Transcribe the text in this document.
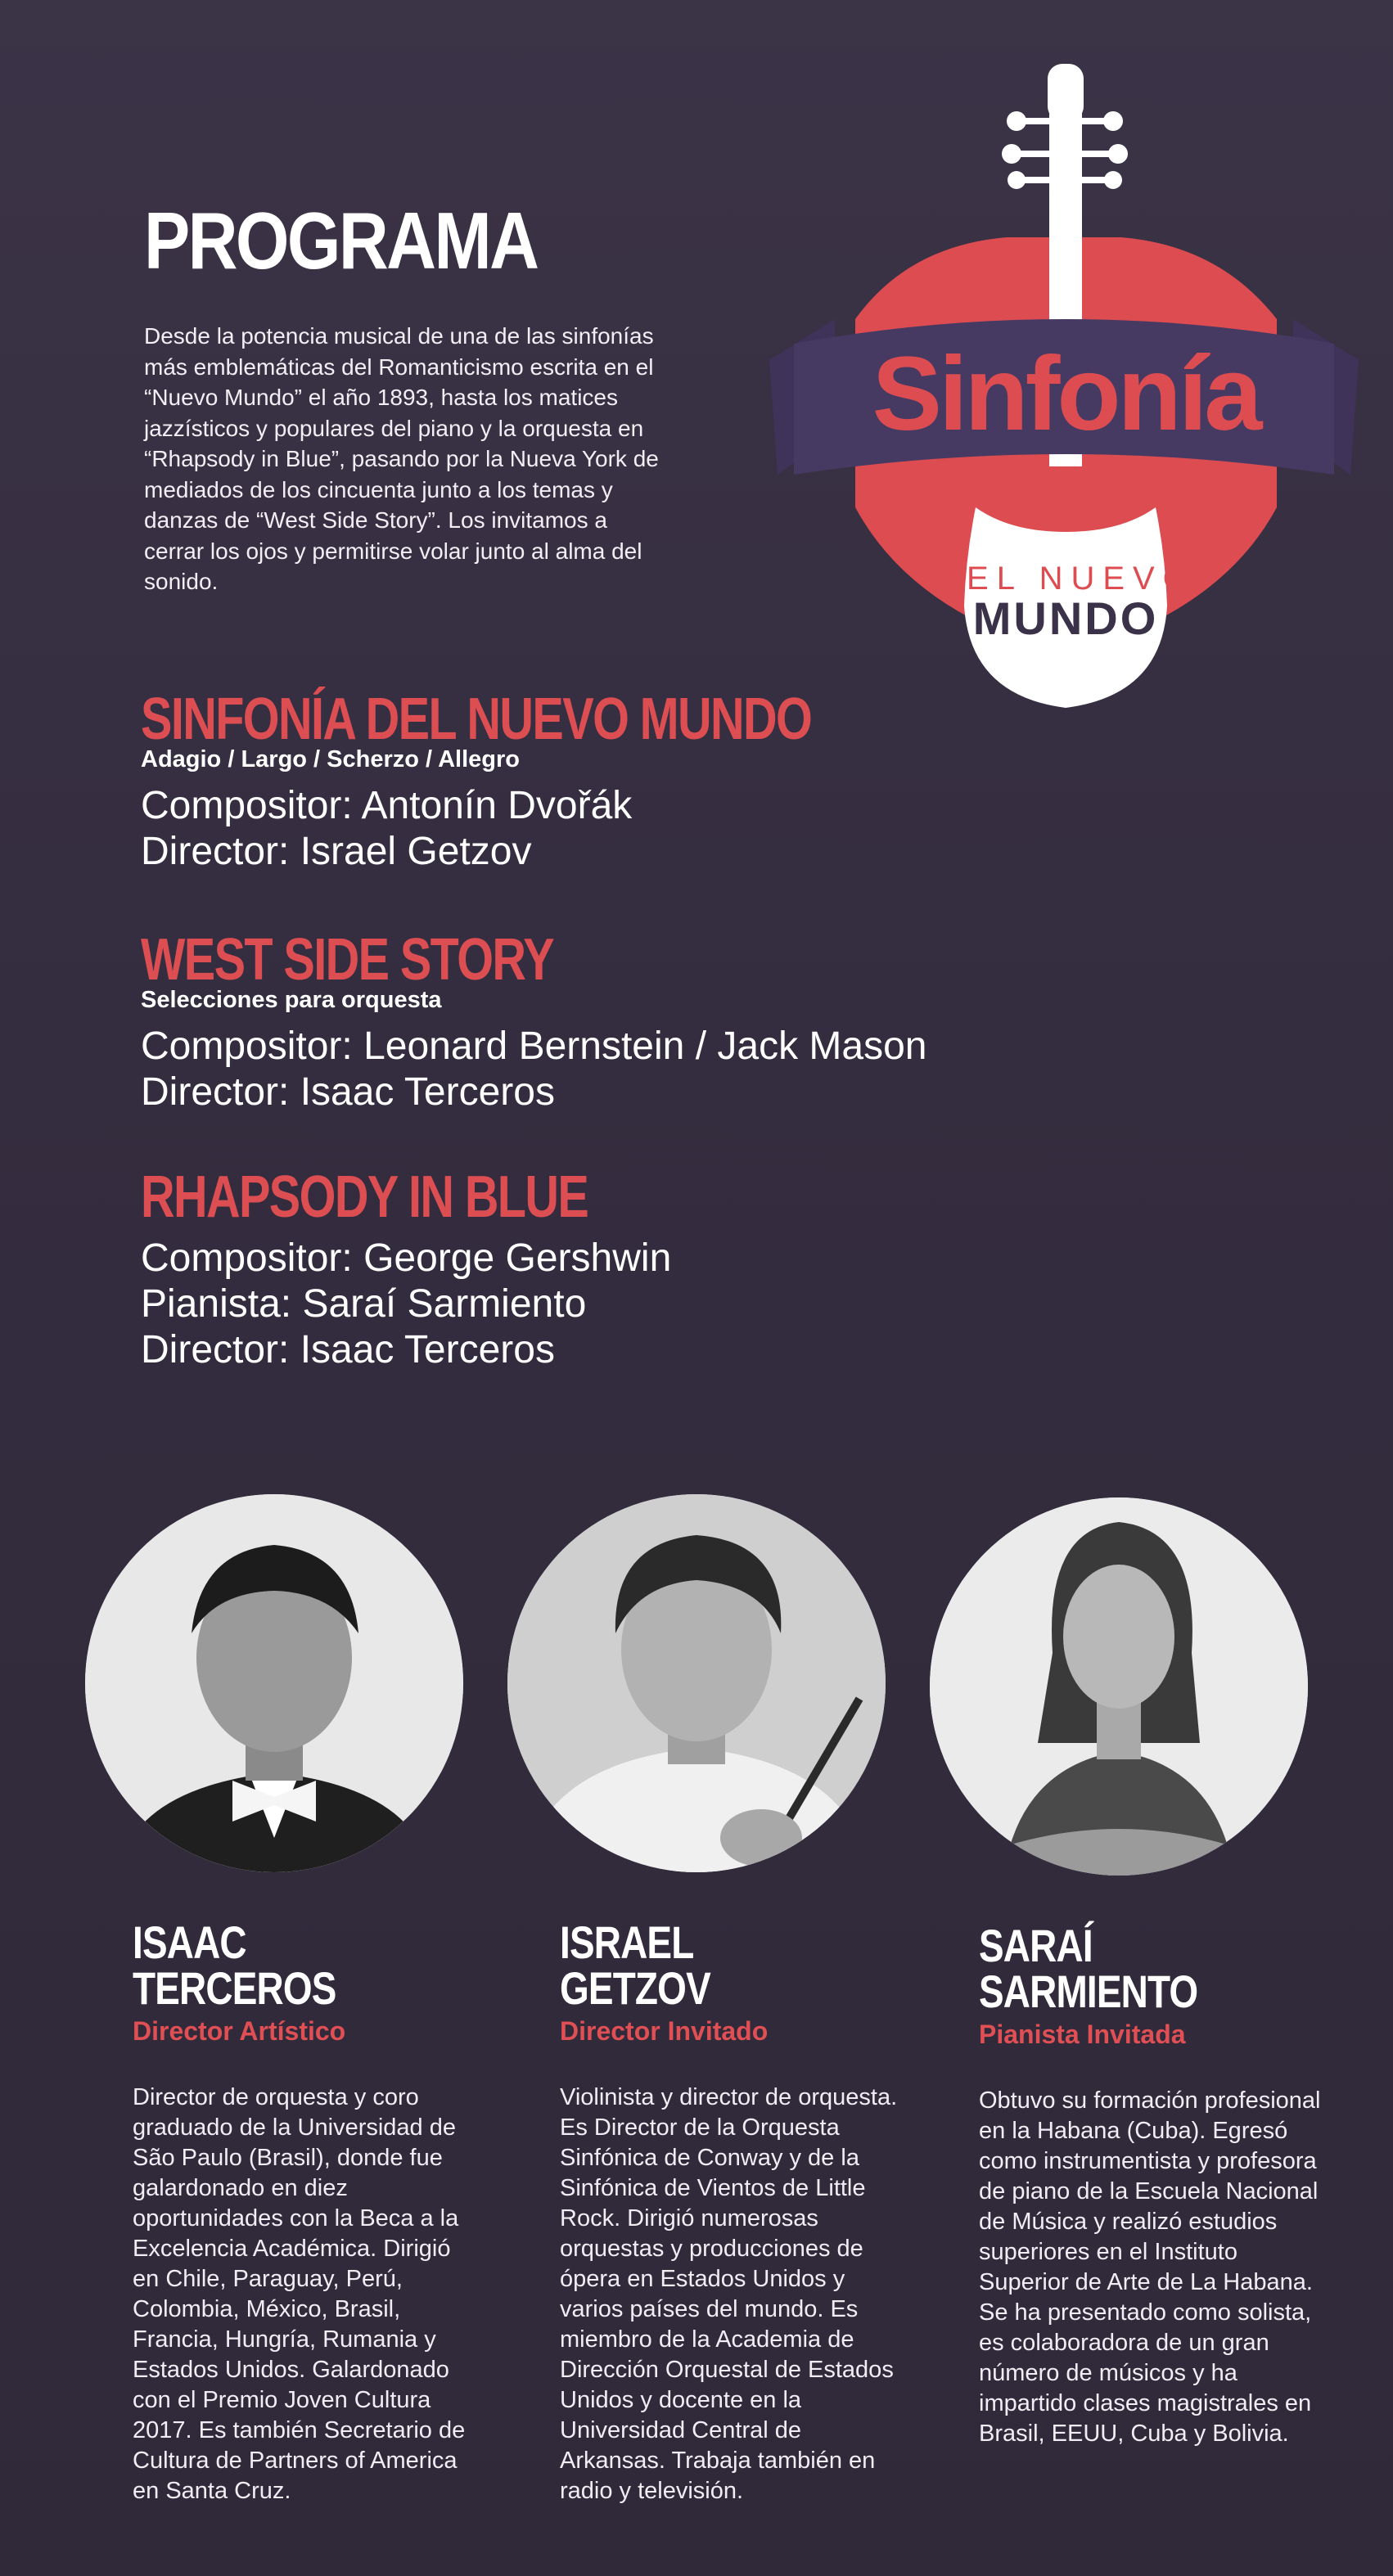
PROGRAMA

Desde la potencia musical de una de las sinfonías más emblemáticas del Romanticismo escrita en el “Nuevo Mundo” el año 1893, hasta los matices jazzísticos y populares del piano y la orquesta en “Rhapsody in Blue”, pasando por la Nueva York de mediados de los cincuenta junto a los temas y danzas de “West Side Story”. Los invitamos a cerrar los ojos y permitirse volar junto al alma del sonido.

Sinfonía
DEL NUEVO
MUNDO
SINFONÍA DEL NUEVO MUNDO

Adagio / Largo / Scherzo / Allegro

Compositor: Antonín Dvořák

Director: Israel Getzov

WEST SIDE STORY

Selecciones para orquesta

Compositor: Leonard Bernstein / Jack Mason

Director: Isaac Terceros

RHAPSODY IN BLUE

Compositor: George Gershwin

Pianista: Saraí Sarmiento

Director: Isaac Terceros

ISAAC

TERCEROS

Director Artístico

Director de orquesta y coro graduado de la Universidad de São Paulo (Brasil), donde fue galardonado en diez oportunidades con la Beca a la Excelencia Académica. Dirigió en Chile, Paraguay, Perú, Colombia, México, Brasil, Francia, Hungría, Rumania y Estados Unidos. Galardonado con el Premio Joven Cultura 2017. Es también Secretario de Cultura de Partners of America en Santa Cruz.

ISRAEL

GETZOV

Director Invitado

Violinista y director de orquesta. Es Director de la Orquesta Sinfónica de Conway y de la Sinfónica de Vientos de Little Rock. Dirigió numerosas orquestas y producciones de ópera en Estados Unidos y varios países del mundo. Es miembro de la Academia de Dirección Orquestal de Estados Unidos y docente en la Universidad Central de Arkansas. Trabaja también en radio y televisión.

SARAÍ

SARMIENTO

Pianista Invitada

Obtuvo su formación profesional en la Habana (Cuba). Egresó como instrumentista y profesora de piano de la Escuela Nacional de Música y realizó estudios superiores en el Instituto Superior de Arte de La Habana. Se ha presentado como solista, es colaboradora de un gran número de músicos y ha impartido clases magistrales en Brasil, EEUU, Cuba y Bolivia.
